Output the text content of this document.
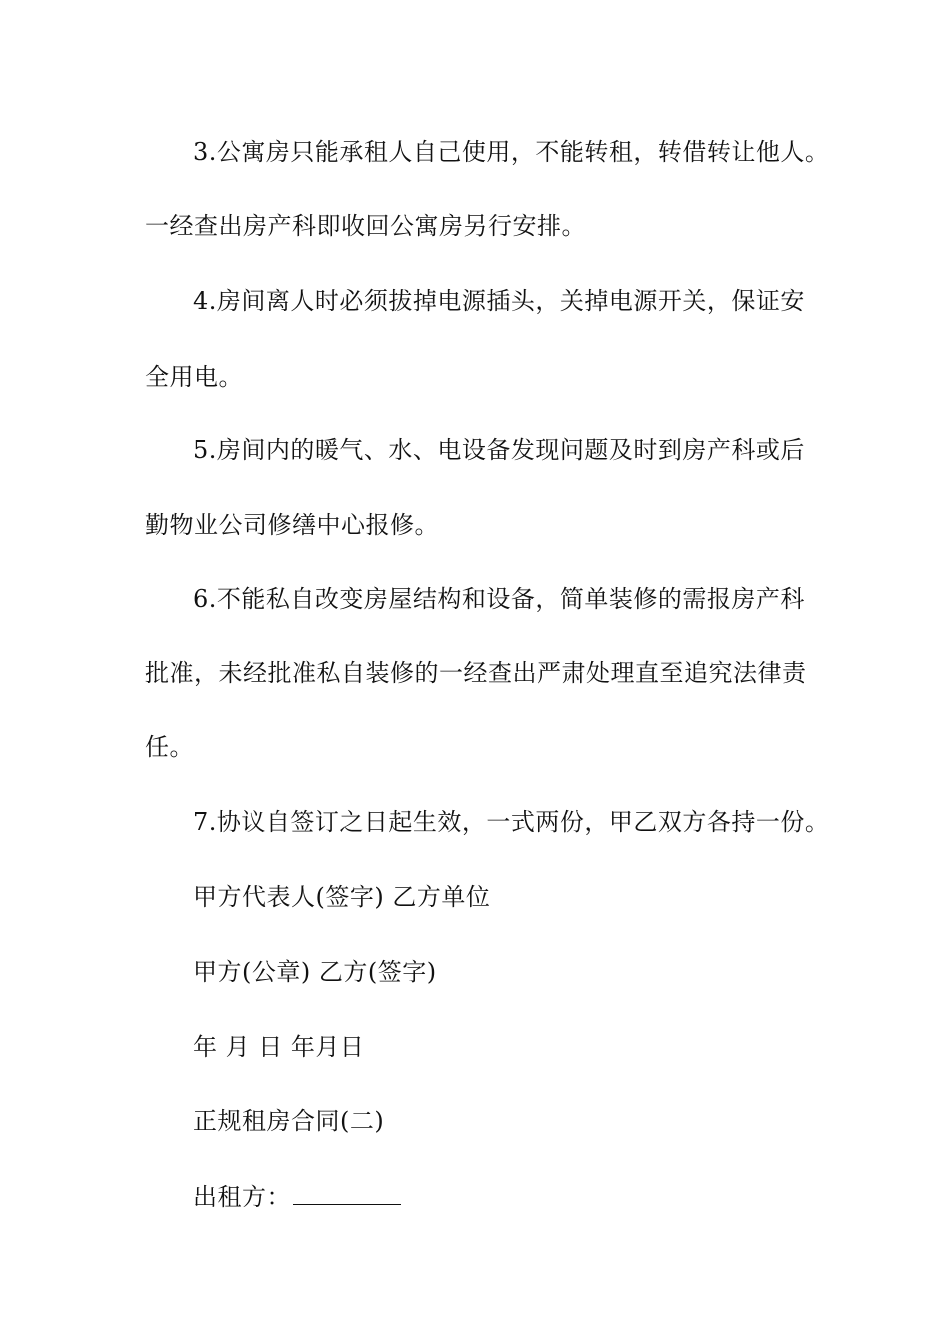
3.公寓房只能承租人自己使用，不能转租，转借转让他人。
一经查出房产科即收回公寓房另行安排。
4.房间离人时必须拔掉电源插头，关掉电源开关，保证安
全用电。
5.房间内的暖气、水、电设备发现问题及时到房产科或后
勤物业公司修缮中心报修。
6.不能私自改变房屋结构和设备，简单装修的需报房产科
批准，未经批准私自装修的一经查出严肃处理直至追究法律责
任。
7.协议自签订之日起生效，一式两份，甲乙双方各持一份。
甲方代表人(签字) 乙方单位
甲方(公章) 乙方(签字)
年 月 日 年月日
正规租房合同(二)
出租方：
